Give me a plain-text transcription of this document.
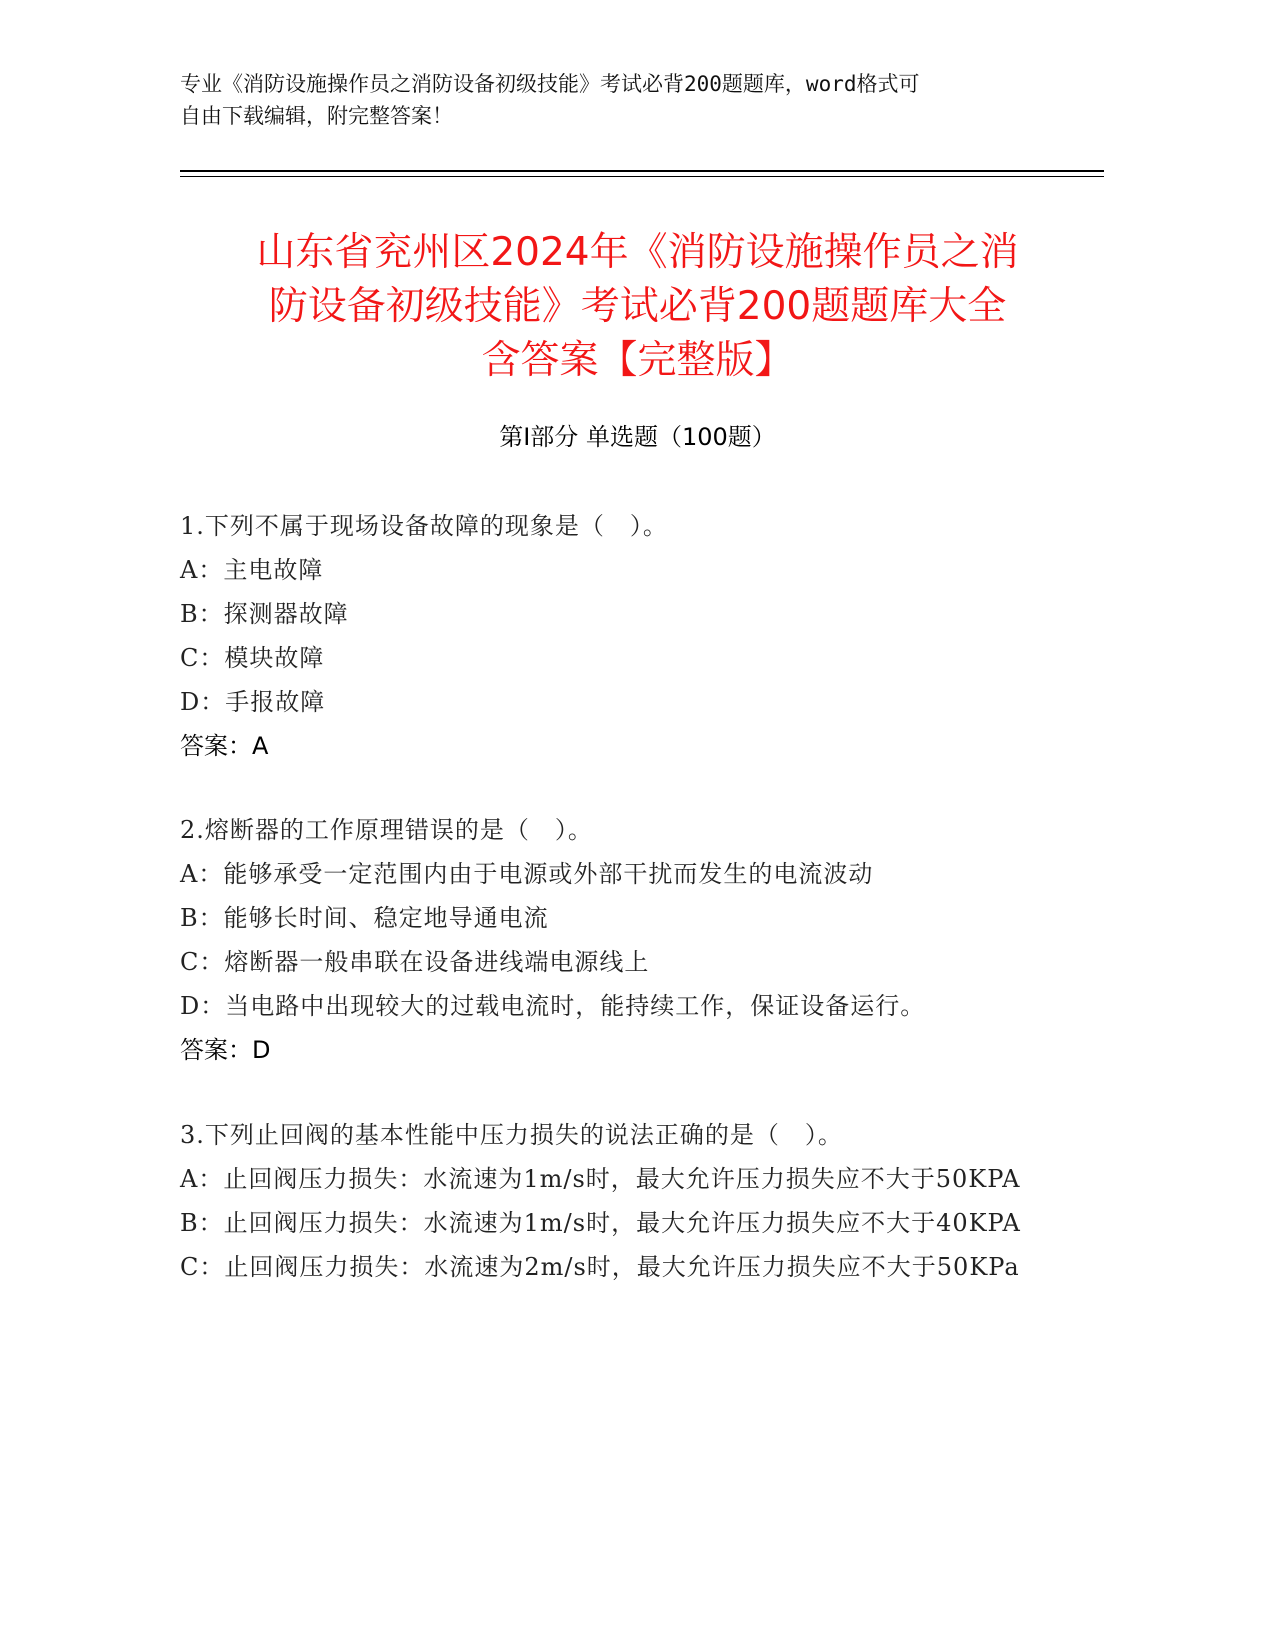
专业《消防设施操作员之消防设备初级技能》考试必背200题题库，word格式可
自由下载编辑，附完整答案！
山东省兖州区2024年《消防设施操作员之消
防设备初级技能》考试必背200题题库大全
含答案【完整版】
第I部分 单选题（100题）
1.下列不属于现场设备故障的现象是（　）。
A：主电故障
B：探测器故障
C：模块故障
D：手报故障
答案：A
2.熔断器的工作原理错误的是（　）。
A：能够承受一定范围内由于电源或外部干扰而发生的电流波动
B：能够长时间、稳定地导通电流
C：熔断器一般串联在设备进线端电源线上
D：当电路中出现较大的过载电流时，能持续工作，保证设备运行。
答案：D
3.下列止回阀的基本性能中压力损失的说法正确的是（　）。
A：止回阀压力损失：水流速为1m/s时，最大允许压力损失应不大于50KPA
B：止回阀压力损失：水流速为1m/s时，最大允许压力损失应不大于40KPA
C：止回阀压力损失：水流速为2m/s时，最大允许压力损失应不大于50KPa
